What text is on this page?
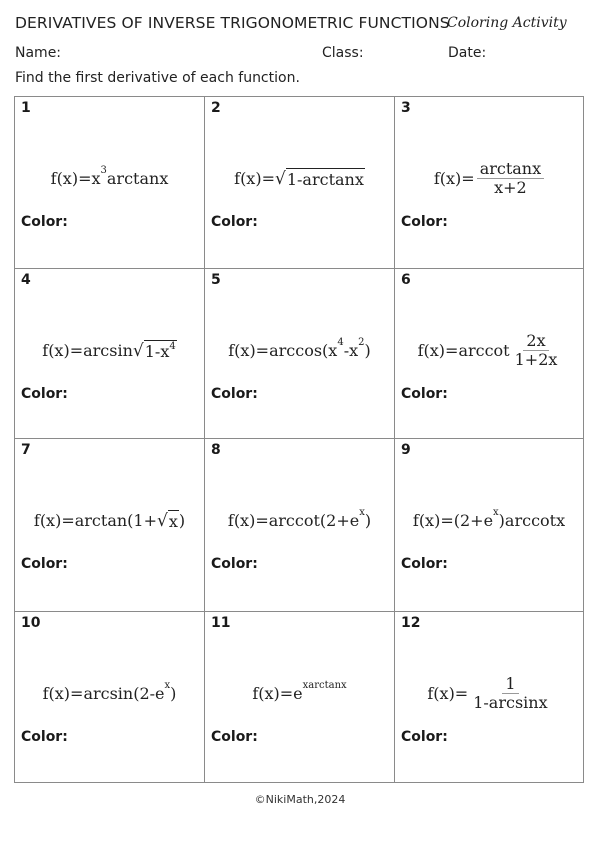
DERIVATIVES OF INVERSE TRIGONOMETRIC FUNCTIONS
Coloring Activity
Name:	Class:	Date:
Find the first derivative of each function.
1
$f(x)= x^3$ arctanx
Color:
2
f(x)= √ 1-arctanx
Color:
3
$f(x)= \frac{\arctan x}{x+2}$
Color:
4
f(x)= arcsin √ $1-x^4$
Color:
5
$f(x)= \arccos(x^4$ $-x^2$ )
Color:
6
f(x)= arccot $\frac{2x}{1+2x}$
Color:
7
f(x)= arctan(1+ √ x )
Color:
8
$f(x)= arccot(2+e^x$ )
Color:
9
$f(x)= (2+e^x$ )arccotx
Color:
10
$f(x)= \arcsin(2-e^x$ )
Color:
11
$f(x)= e^{xarctanx}$
Color:
12
$f(x)= \frac{1}{1-\arcsin x}$
Color:
©NikiMath,2024
